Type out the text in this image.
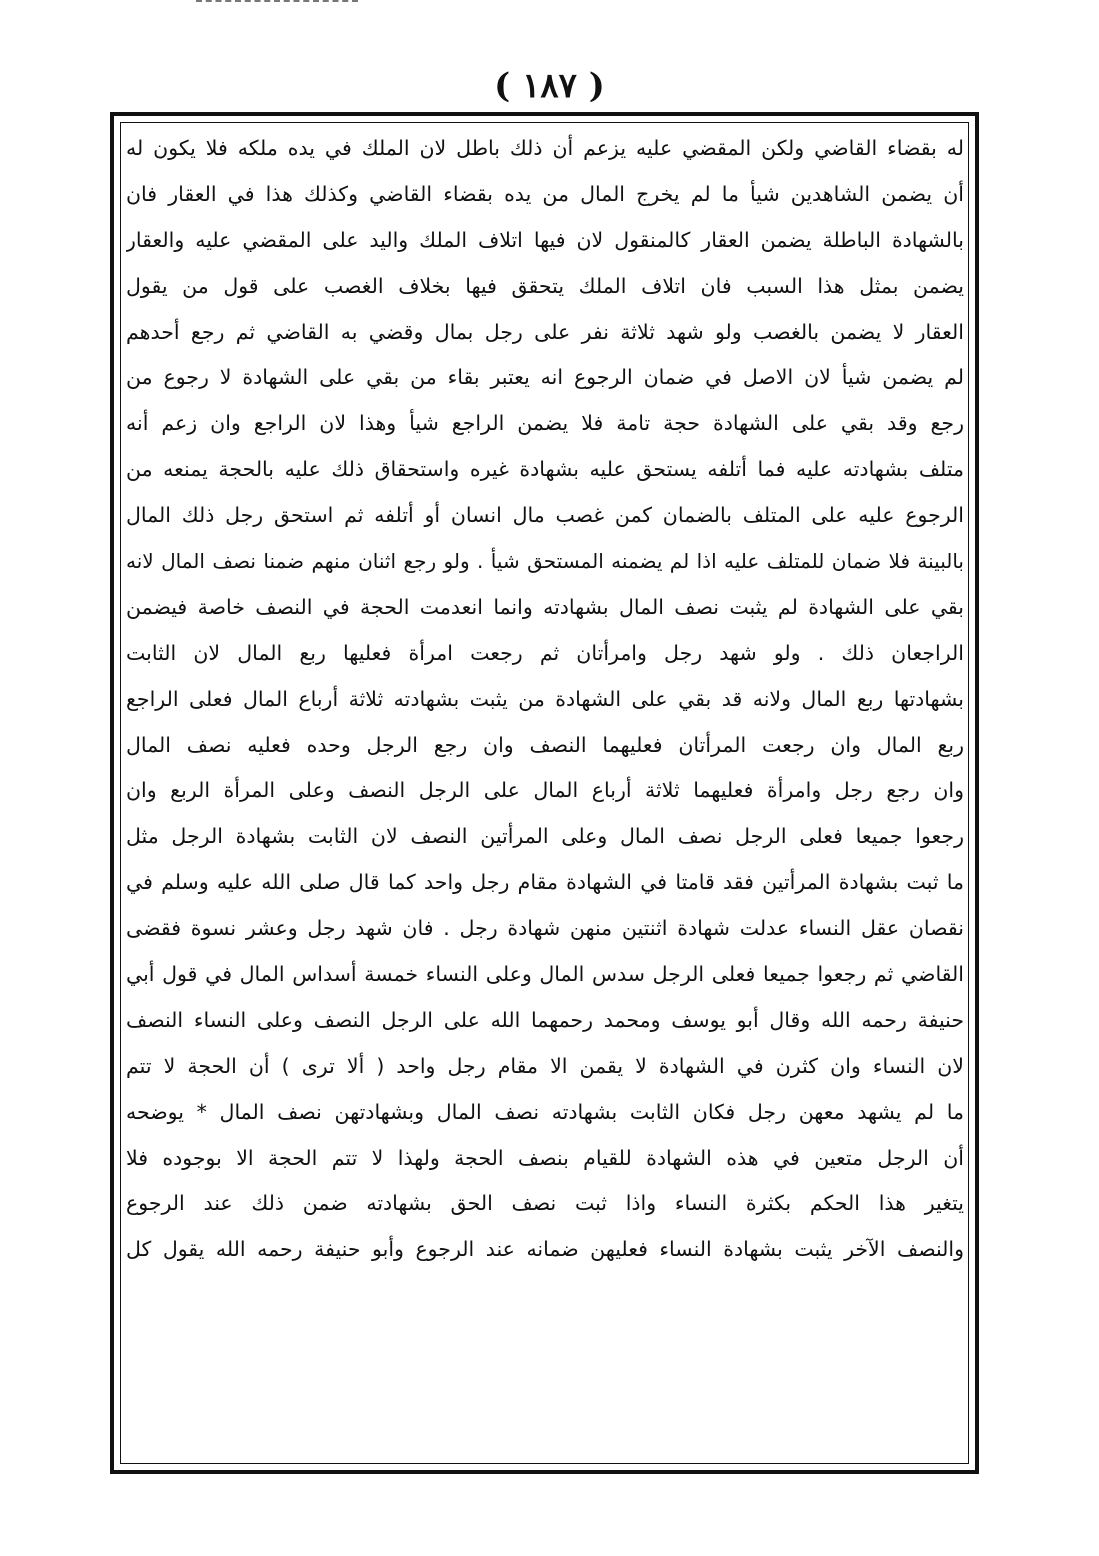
( ١٨٧ )
له بقضاء القاضي ولكن المقضي عليه يزعم أن ذلك باطل لان الملك في يده ملكه فلا يكون له
أن يضمن الشاهدين شيأ ما لم يخرج المال من يده بقضاء القاضي وكذلك هذا في العقار فان
بالشهادة الباطلة يضمن العقار كالمنقول لان فيها اتلاف الملك واليد على المقضي عليه والعقار
يضمن بمثل هذا السبب فان اتلاف الملك يتحقق فيها بخلاف الغصب على قول من يقول
العقار لا يضمن بالغصب ولو شهد ثلاثة نفر على رجل بمال وقضي به القاضي ثم رجع أحدهم
لم يضمن شيأ لان الاصل في ضمان الرجوع انه يعتبر بقاء من بقي على الشهادة لا رجوع من
رجع وقد بقي على الشهادة حجة تامة فلا يضمن الراجع شيأ وهذا لان الراجع وان زعم أنه
متلف بشهادته عليه فما أتلفه يستحق عليه بشهادة غيره واستحقاق ذلك عليه بالحجة يمنعه من
الرجوع عليه على المتلف بالضمان كمن غصب مال انسان أو أتلفه ثم استحق رجل ذلك المال
بالبينة فلا ضمان للمتلف عليه اذا لم يضمنه المستحق شيأ . ولو رجع اثنان منهم ضمنا نصف المال لانه
بقي على الشهادة لم يثبت نصف المال بشهادته وانما انعدمت الحجة في النصف خاصة فيضمن
الراجعان ذلك . ولو شهد رجل وامرأتان ثم رجعت امرأة فعليها ربع المال لان الثابت
بشهادتها ربع المال ولانه قد بقي على الشهادة من يثبت بشهادته ثلاثة أرباع المال فعلى الراجع
ربع المال وان رجعت المرأتان فعليهما النصف وان رجع الرجل وحده فعليه نصف المال
وان رجع رجل وامرأة فعليهما ثلاثة أرباع المال على الرجل النصف وعلى المرأة الربع وان
رجعوا جميعا فعلى الرجل نصف المال وعلى المرأتين النصف لان الثابت بشهادة الرجل مثل
ما ثبت بشهادة المرأتين فقد قامتا في الشهادة مقام رجل واحد كما قال صلى الله عليه وسلم في
نقصان عقل النساء عدلت شهادة اثنتين منهن شهادة رجل . فان شهد رجل وعشر نسوة فقضى
القاضي ثم رجعوا جميعا فعلى الرجل سدس المال وعلى النساء خمسة أسداس المال في قول أبي
حنيفة رحمه الله وقال أبو يوسف ومحمد رحمهما الله على الرجل النصف وعلى النساء النصف
لان النساء وان كثرن في الشهادة لا يقمن الا مقام رجل واحد ( ألا ترى ) أن الحجة لا تتم
ما لم يشهد معهن رجل فكان الثابت بشهادته نصف المال وبشهادتهن نصف المال * يوضحه
أن الرجل متعين في هذه الشهادة للقيام بنصف الحجة ولهذا لا تتم الحجة الا بوجوده فلا
يتغير هذا الحكم بكثرة النساء واذا ثبت نصف الحق بشهادته ضمن ذلك عند الرجوع
والنصف الآخر يثبت بشهادة النساء فعليهن ضمانه عند الرجوع وأبو حنيفة رحمه الله يقول كل
